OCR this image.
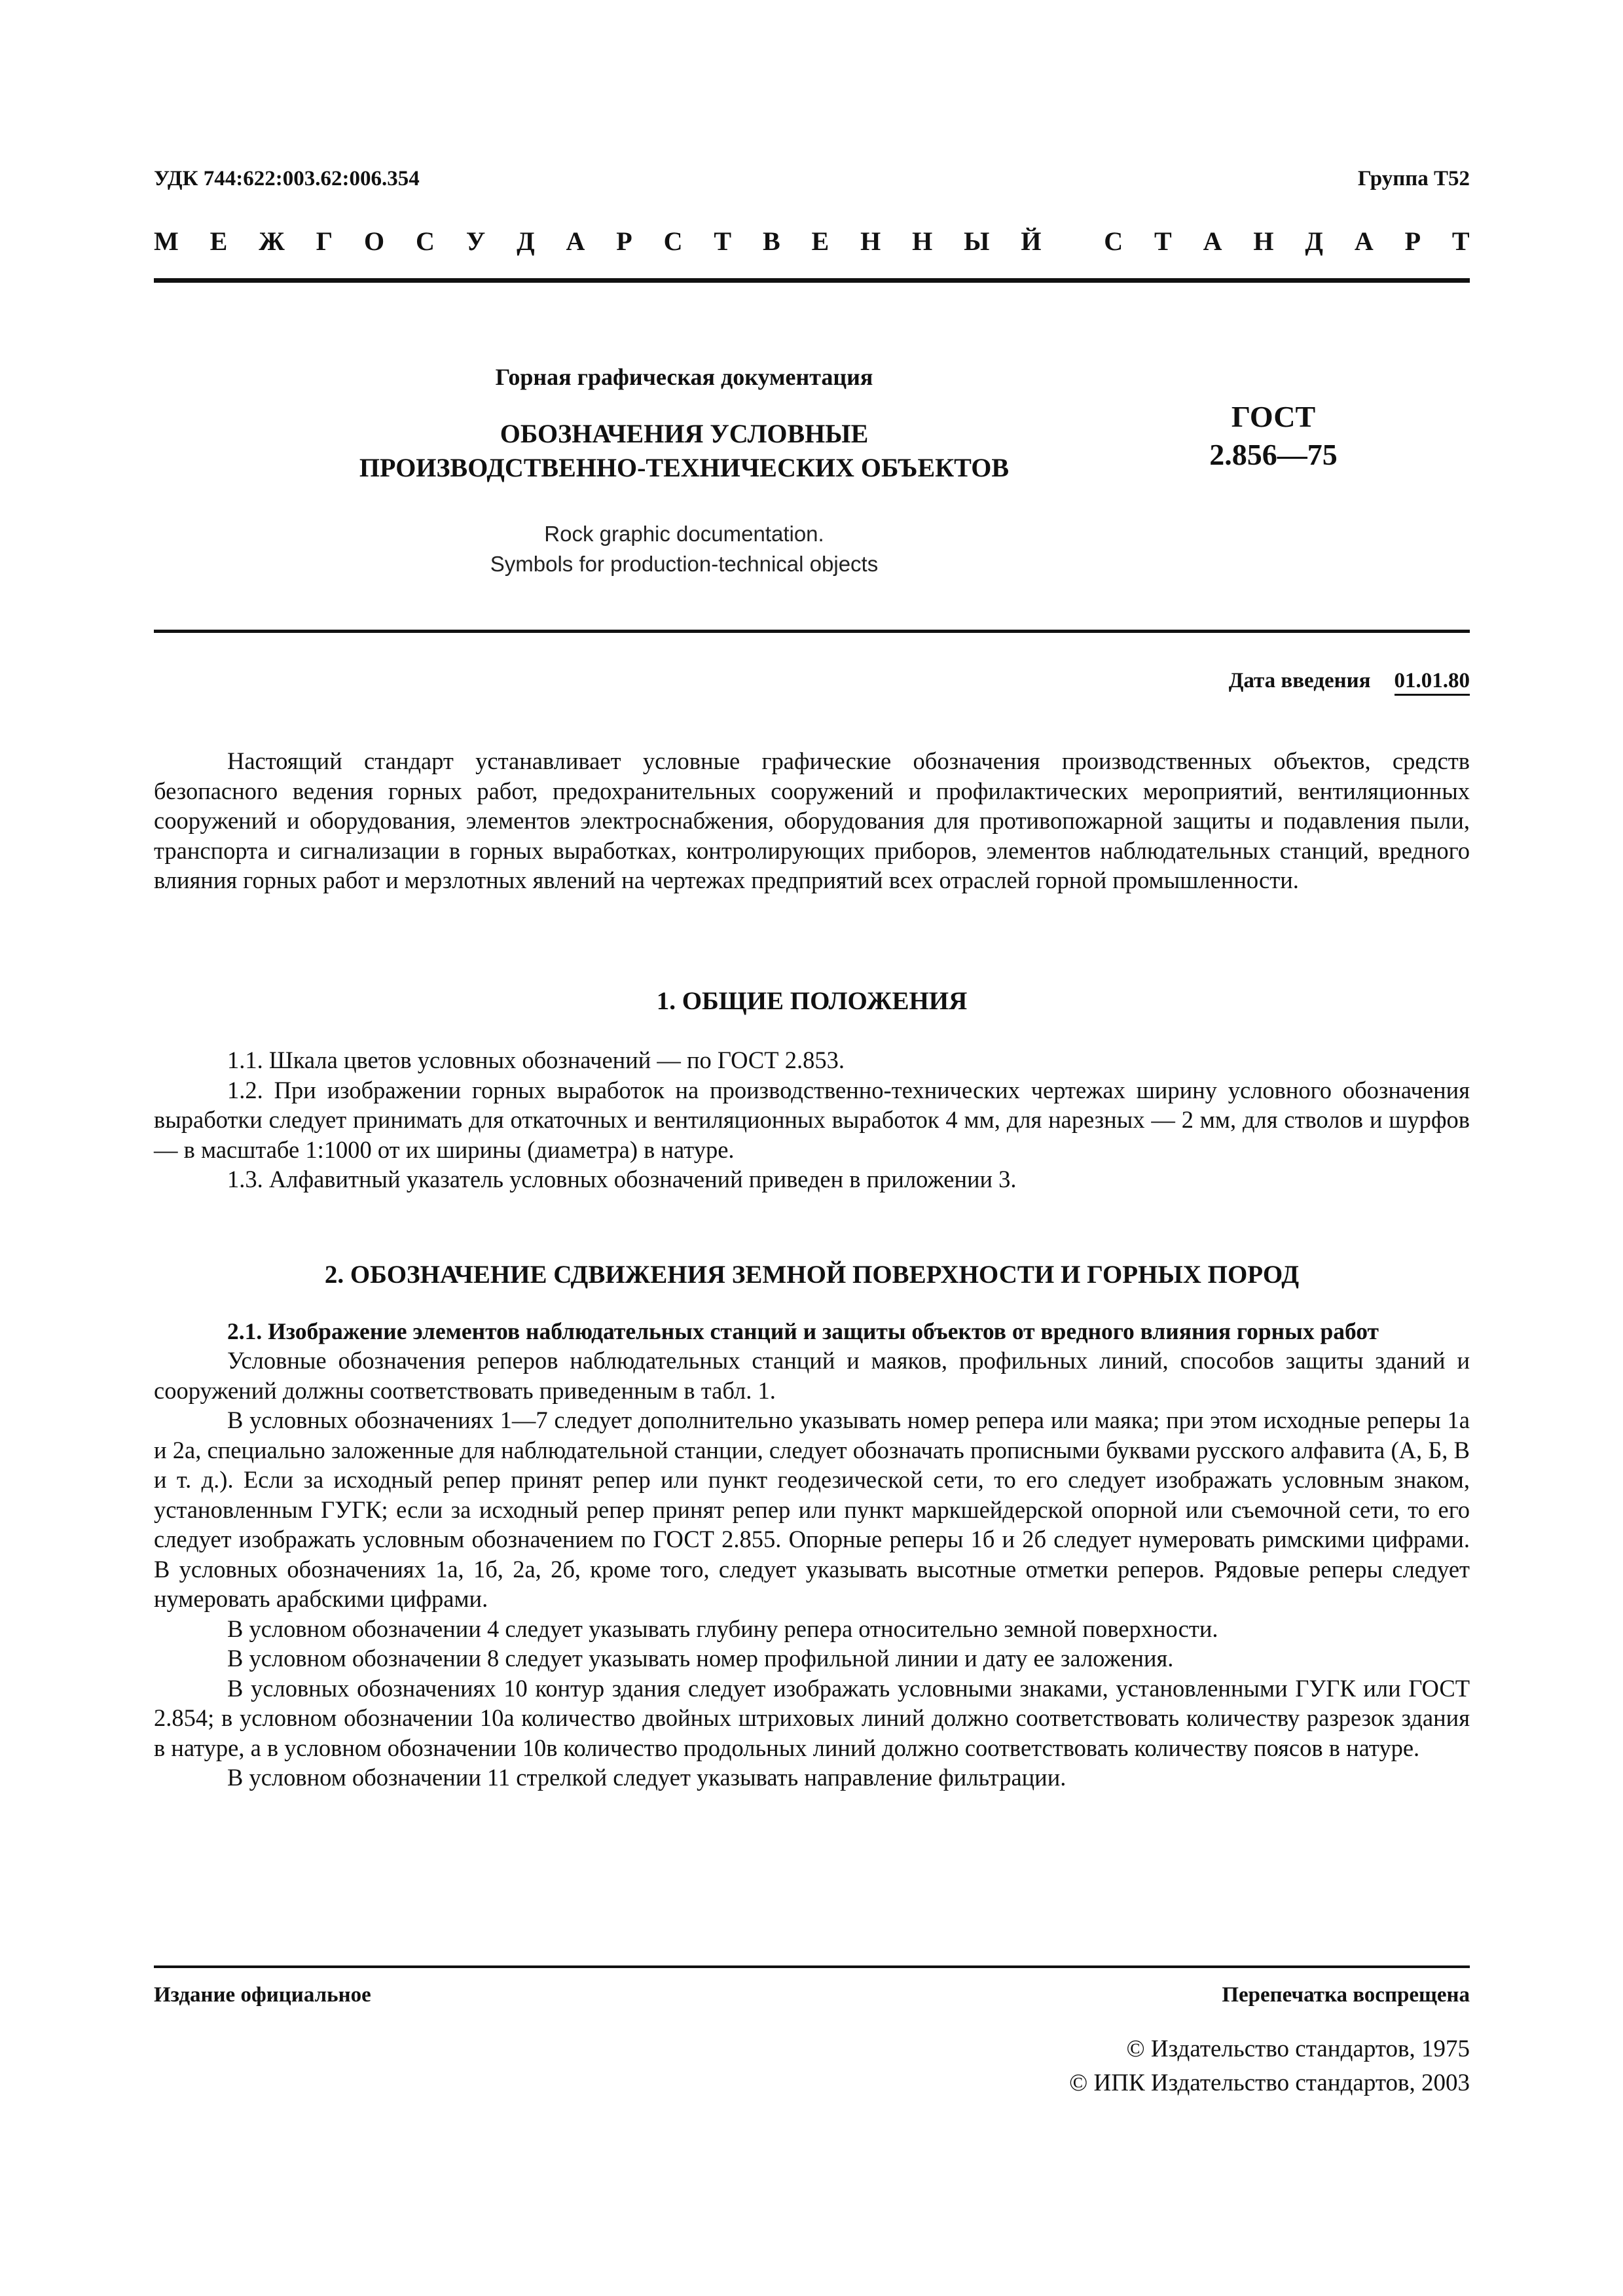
УДК 744:622:003.62:006.354	Группа Т52
М Е Ж Г О С У Д А Р С Т В Е Н Н Ы Й С Т А Н Д А Р Т
Горная графическая документация
ОБОЗНАЧЕНИЯ УСЛОВНЫЕ
ПРОИЗВОДСТВЕННО-ТЕХНИЧЕСКИХ ОБЪЕКТОВ
Rock graphic documentation.
Symbols for production-technical objects
ГОСТ
2.856—75
Дата введения 01.01.80

Настоящий стандарт устанавливает условные графические обозначения производственных объектов, средств безопасного ведения горных работ, предохранительных сооружений и профилактических мероприятий, вентиляционных сооружений и оборудования, элементов электроснабжения, оборудования для противопожарной защиты и подавления пыли, транспорта и сигнализации в горных выработках, контролирующих приборов, элементов наблюдательных станций, вредного влияния горных работ и мерзлотных явлений на чертежах предприятий всех отраслей горной промышленности.

1. ОБЩИЕ ПОЛОЖЕНИЯ

1.1. Шкала цветов условных обозначений — по ГОСТ 2.853.

1.2. При изображении горных выработок на производственно-технических чертежах ширину условного обозначения выработки следует принимать для откаточных и вентиляционных выработок 4 мм, для нарезных — 2 мм, для стволов и шурфов — в масштабе 1:1000 от их ширины (диаметра) в натуре.

1.3. Алфавитный указатель условных обозначений приведен в приложении 3.

2. ОБОЗНАЧЕНИЕ СДВИЖЕНИЯ ЗЕМНОЙ ПОВЕРХНОСТИ И ГОРНЫХ ПОРОД

2.1. Изображение элементов наблюдательных станций и защиты объектов от вредного влияния горных работ

Условные обозначения реперов наблюдательных станций и маяков, профильных линий, способов защиты зданий и сооружений должны соответствовать приведенным в табл. 1.

В условных обозначениях 1—7 следует дополнительно указывать номер репера или маяка; при этом исходные реперы 1а и 2а, специально заложенные для наблюдательной станции, следует обозначать прописными буквами русского алфавита (А, Б, В и т. д.). Если за исходный репер принят репер или пункт геодезической сети, то его следует изображать условным знаком, установленным ГУГК; если за исходный репер принят репер или пункт маркшейдерской опорной или съемочной сети, то его следует изображать условным обозначением по ГОСТ 2.855. Опорные реперы 1б и 2б следует нумеровать римскими цифрами. В условных обозначениях 1а, 1б, 2а, 2б, кроме того, следует указывать высотные отметки реперов. Рядовые реперы следует нумеровать арабскими цифрами.

В условном обозначении 4 следует указывать глубину репера относительно земной поверхности.

В условном обозначении 8 следует указывать номер профильной линии и дату ее заложения.

В условных обозначениях 10 контур здания следует изображать условными знаками, установленными ГУГК или ГОСТ 2.854; в условном обозначении 10а количество двойных штриховых линий должно соответствовать количеству разрезок здания в натуре, а в условном обозначении 10в количество продольных линий должно соответствовать количеству поясов в натуре.

В условном обозначении 11 стрелкой следует указывать направление фильтрации.

Издание официальное	Перепечатка воспрещена
© Издательство стандартов, 1975
© ИПК Издательство стандартов, 2003
